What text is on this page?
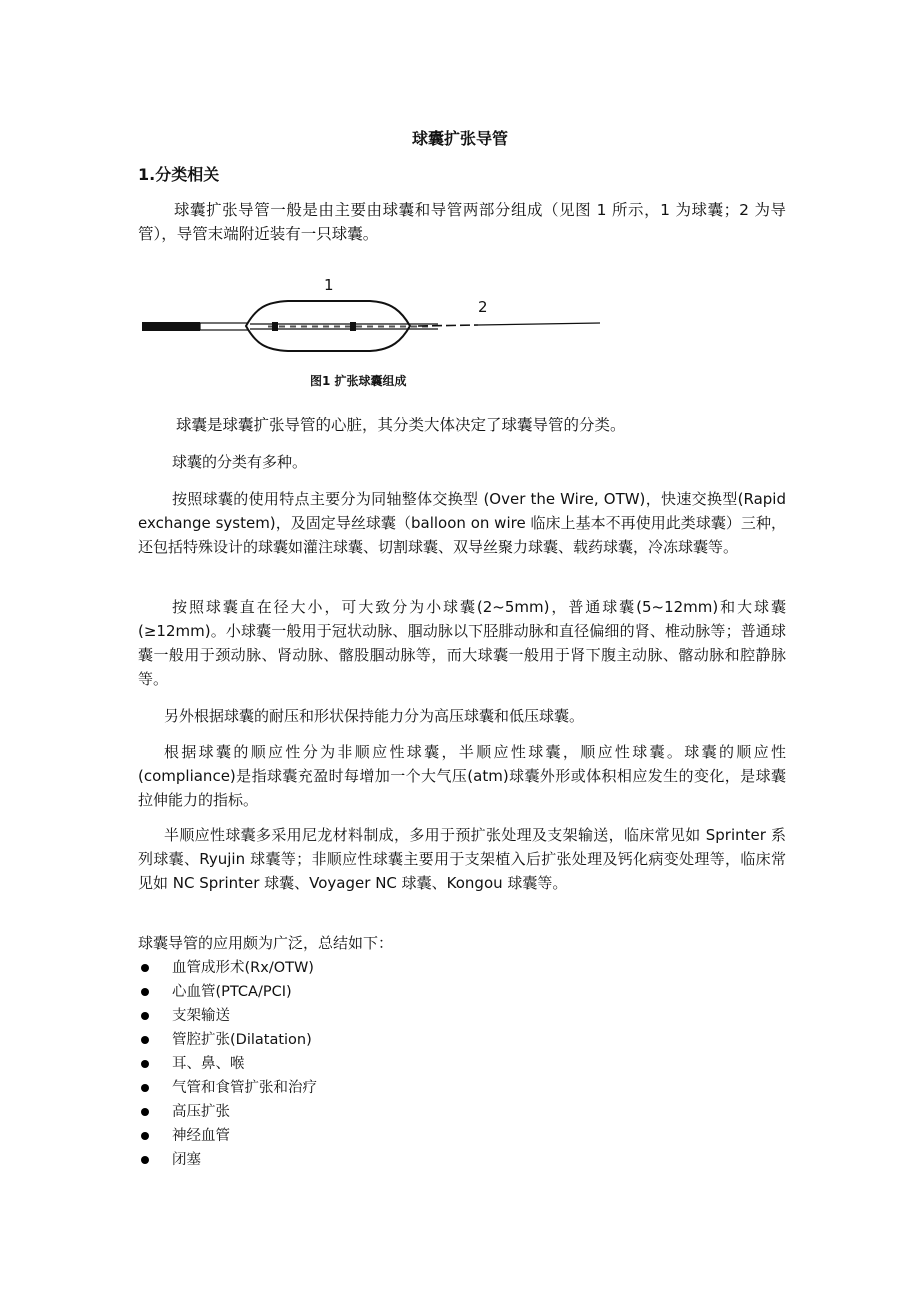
球囊扩张导管
1.分类相关

球囊扩张导管一般是由主要由球囊和导管两部分组成（见图 1 所示，1 为球囊；2 为导管），导管末端附近装有一只球囊。

1
2
图1 扩张球囊组成

球囊是球囊扩张导管的心脏，其分类大体决定了球囊导管的分类。

球囊的分类有多种。

按照球囊的使用特点主要分为同轴整体交换型 (Over the Wire, OTW)，快速交换型(Rapid exchange system)，及固定导丝球囊（balloon on wire 临床上基本不再使用此类球囊）三种，还包括特殊设计的球囊如灌注球囊、切割球囊、双导丝聚力球囊、载药球囊，冷冻球囊等。

按照球囊直在径大小，可大致分为小球囊(2~5mm)，普通球囊(5~12mm)和大球囊(≥12mm)。小球囊一般用于冠状动脉、腘动脉以下胫腓动脉和直径偏细的肾、椎动脉等；普通球囊一般用于颈动脉、肾动脉、髂股腘动脉等，而大球囊一般用于肾下腹主动脉、髂动脉和腔静脉等。

另外根据球囊的耐压和形状保持能力分为高压球囊和低压球囊。

根据球囊的顺应性分为非顺应性球囊，半顺应性球囊，顺应性球囊。球囊的顺应性(compliance)是指球囊充盈时每增加一个大气压(atm)球囊外形或体积相应发生的变化，是球囊拉伸能力的指标。

半顺应性球囊多采用尼龙材料制成，多用于预扩张处理及支架输送，临床常见如 Sprinter 系列球囊、Ryujin 球囊等；非顺应性球囊主要用于支架植入后扩张处理及钙化病变处理等，临床常见如 NC Sprinter 球囊、Voyager NC 球囊、Kongou 球囊等。

球囊导管的应用颇为广泛，总结如下：
血管成形术(Rx/OTW)
心血管(PTCA/PCI)
支架输送
管腔扩张(Dilatation)
耳、鼻、喉
气管和食管扩张和治疗
高压扩张
神经血管
闭塞
